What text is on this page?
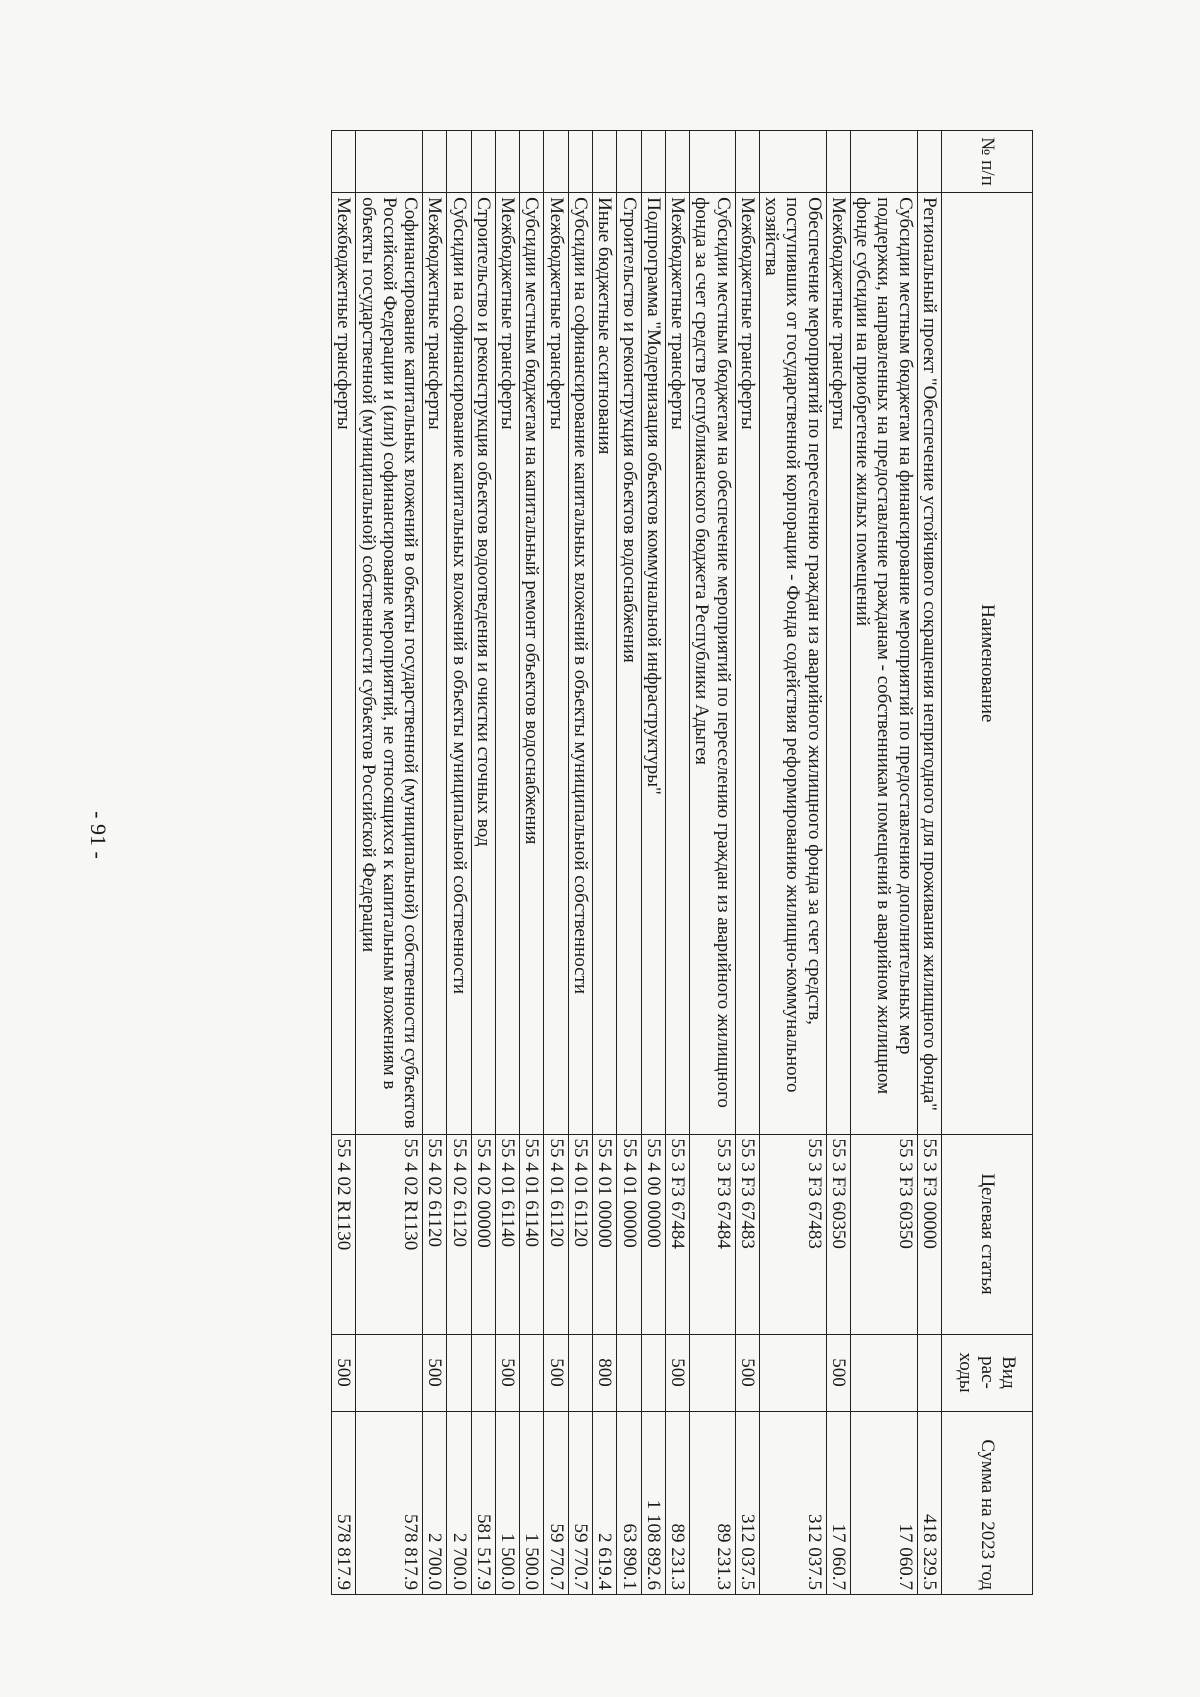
- 91 -
№ п/п	Наименование	Целевая статья	Вид рас-ходы	Сумма на 2023 год
	Региональный проект "Обеспечение устойчивого сокращения непригодного для проживания жилищного фонда"	55 3 F3 00000		418 329.5
	Субсидии местным бюджетам на финансирование мероприятий по предоставлению дополнительных мер поддержки, направленных на предоставление гражданам - собственникам помещений в аварийном жилищном фонде субсидии на приобретение жилых помещений	55 3 F3 60350		17 060.7
	Межбюджетные трансферты	55 3 F3 60350	500	17 060.7
	Обеспечение мероприятий по переселению граждан из аварийного жилищного фонда за счет средств, поступивших от государственной корпорации - Фонда содействия реформированию жилищно-коммунального хозяйства	55 3 F3 67483		312 037.5
	Межбюджетные трансферты	55 3 F3 67483	500	312 037.5
	Субсидии местным бюджетам на обеспечение мероприятий по переселению граждан из аварийного жилищного фонда за счет средств республиканского бюджета Республики Адыгея	55 3 F3 67484		89 231.3
	Межбюджетные трансферты	55 3 F3 67484	500	89 231.3
	Подпрограмма "Модернизация объектов коммунальной инфраструктуры"	55 4 00 00000		1 108 892.6
	Строительство и реконструкция объектов водоснабжения	55 4 01 00000		63 890.1
	Иные бюджетные ассигнования	55 4 01 00000	800	2 619.4
	Субсидии на софинансирование капитальных вложений в объекты муниципальной собственности	55 4 01 61120		59 770.7
	Межбюджетные трансферты	55 4 01 61120	500	59 770.7
	Субсидии местным бюджетам на капитальный ремонт объектов водоснабжения	55 4 01 61140		1 500.0
	Межбюджетные трансферты	55 4 01 61140	500	1 500.0
	Строительство и реконструкция объектов водоотведения и очистки сточных вод	55 4 02 00000		581 517.9
	Субсидии на софинансирование капитальных вложений в объекты муниципальной собственности	55 4 02 61120		2 700.0
	Межбюджетные трансферты	55 4 02 61120	500	2 700.0
	Софинансирование капитальных вложений в объекты государственной (муниципальной) собственности субъектов Российской Федерации и (или) софинансирование мероприятий, не относящихся к капитальным вложениям в объекты государственной (муниципальной) собственности субъектов Российской Федерации	55 4 02 R1130		578 817.9
	Межбюджетные трансферты	55 4 02 R1130	500	578 817.9
